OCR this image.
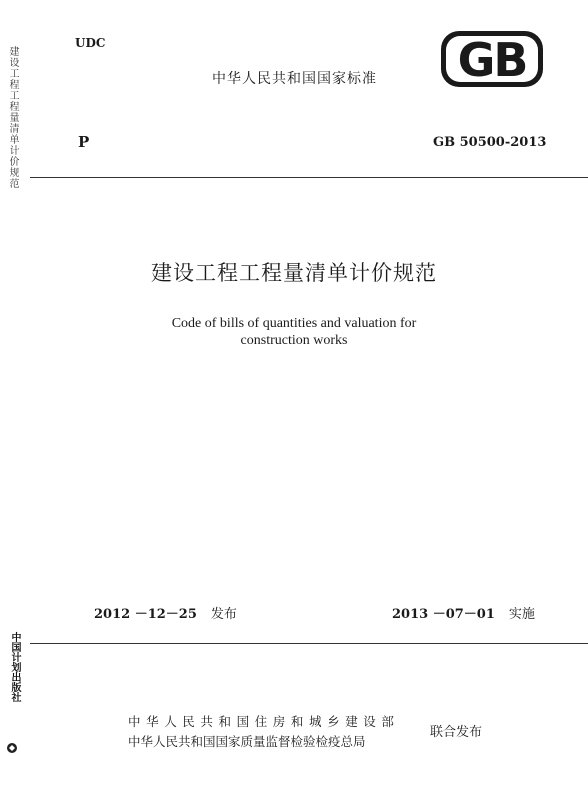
建设工程工程量清单计价规范
中国计划出版社
UDC
中华人民共和国国家标准 GB
P	GB 50500-2013
建设工程工程量清单计价规范
Code of bills of quantities and valuation for
construction works
2012 －12－25 发布	2013 －07－01 实施
中华人民共和国住房和城乡建设部
中华人民共和国国家质量监督检验检疫总局
联合发布
